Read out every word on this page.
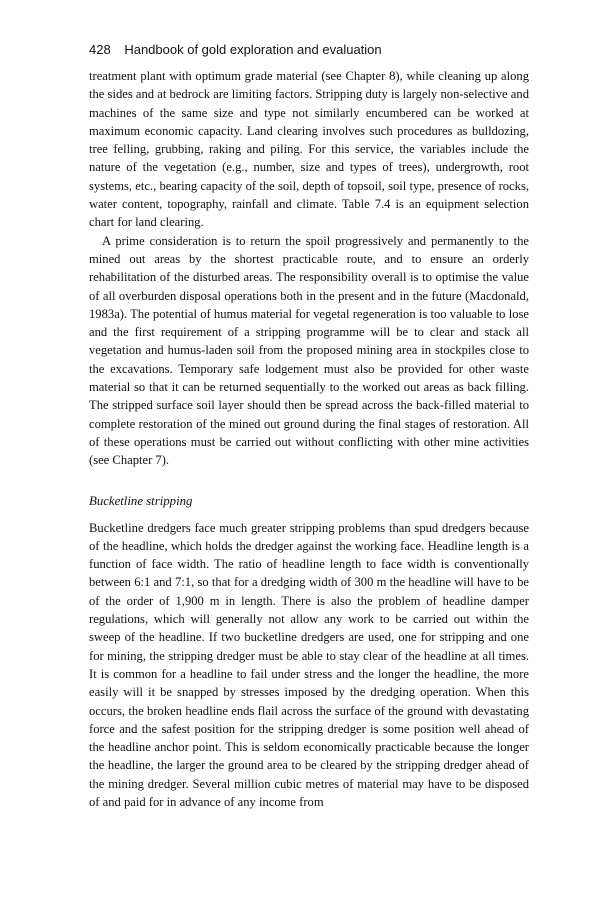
428 Handbook of gold exploration and evaluation

treatment plant with optimum grade material (see Chapter 8), while cleaning up along the sides and at bedrock are limiting factors. Stripping duty is largely non-selective and machines of the same size and type not similarly encumbered can be worked at maximum economic capacity. Land clearing involves such procedures as bulldozing, tree felling, grubbing, raking and piling. For this service, the variables include the nature of the vegetation (e.g., number, size and types of trees), undergrowth, root systems, etc., bearing capacity of the soil, depth of topsoil, soil type, presence of rocks, water content, topography, rainfall and climate. Table 7.4 is an equipment selection chart for land clearing.

A prime consideration is to return the spoil progressively and permanently to the mined out areas by the shortest practicable route, and to ensure an orderly rehabilitation of the disturbed areas. The responsibility overall is to optimise the value of all overburden disposal operations both in the present and in the future (Macdonald, 1983a). The potential of humus material for vegetal regeneration is too valuable to lose and the first requirement of a stripping programme will be to clear and stack all vegetation and humus-laden soil from the proposed mining area in stockpiles close to the excavations. Temporary safe lodgement must also be provided for other waste material so that it can be returned sequentially to the worked out areas as back filling. The stripped surface soil layer should then be spread across the back-filled material to complete restoration of the mined out ground during the final stages of restoration. All of these operations must be carried out without conflicting with other mine activities (see Chapter 7).

Bucketline stripping

Bucketline dredgers face much greater stripping problems than spud dredgers because of the headline, which holds the dredger against the working face. Headline length is a function of face width. The ratio of headline length to face width is conventionally between 6:1 and 7:1, so that for a dredging width of 300 m the headline will have to be of the order of 1,900 m in length. There is also the problem of headline damper regulations, which will generally not allow any work to be carried out within the sweep of the headline. If two bucketline dredgers are used, one for stripping and one for mining, the stripping dredger must be able to stay clear of the headline at all times. It is common for a headline to fail under stress and the longer the headline, the more easily will it be snapped by stresses imposed by the dredging operation. When this occurs, the broken headline ends flail across the surface of the ground with devastating force and the safest position for the stripping dredger is some position well ahead of the headline anchor point. This is seldom economically practicable because the longer the headline, the larger the ground area to be cleared by the stripping dredger ahead of the mining dredger. Several million cubic metres of material may have to be disposed of and paid for in advance of any income from
